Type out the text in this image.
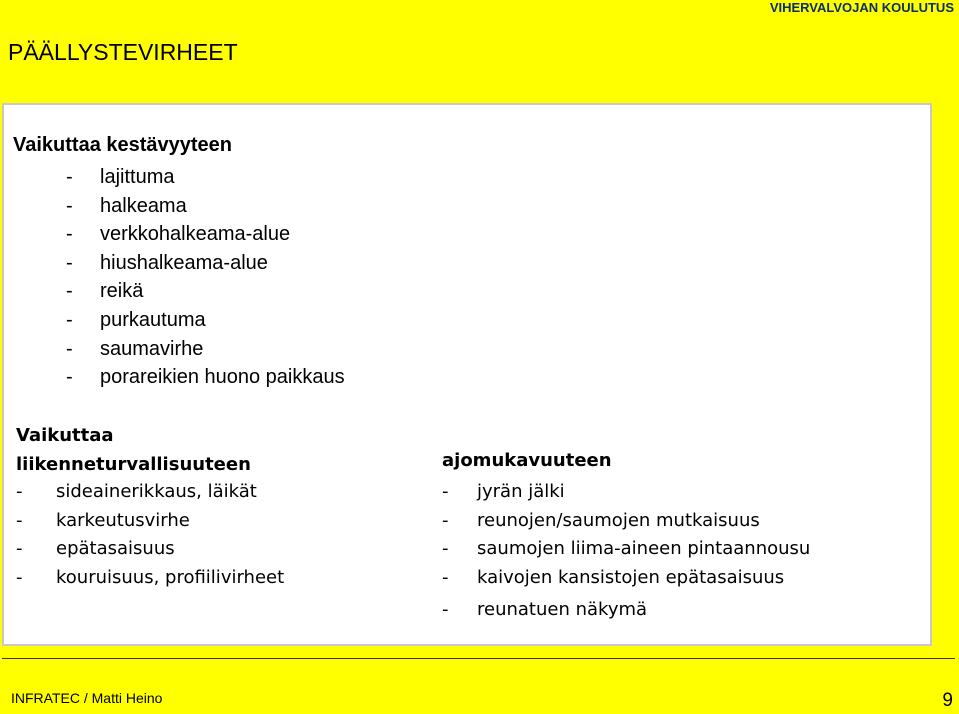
VIHERVALVOJAN KOULUTUS
PÄÄLLYSTEVIRHEET
Vaikuttaa kestävyyteen
- lajittuma
- halkeama
- verkkohalkeama-alue
- hiushalkeama-alue
- reikä
- purkautuma
- saumavirhe
- porareikien huono paikkaus
Vaikuttaa
liikenneturvallisuuteen
- sideainerikkaus, läikät
- karkeutusvirhe
- epätasaisuus
- kouruisuus, profiilivirheet
ajomukavuuteen
- jyrän jälki
- reunojen/saumojen mutkaisuus
- saumojen liima-aineen pintaannousu
- kaivojen kansistojen epätasaisuus
- reunatuen näkymä
INFRATEC / Matti Heino	9
